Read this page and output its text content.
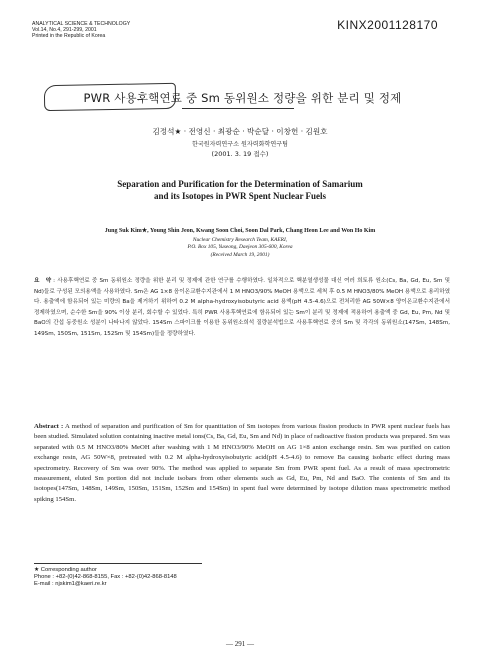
KINX2001128170
ANALYTICAL SCIENCE & TECHNOLOGY
Vol.14, No.4, 291-299, 2001
Printed in the Republic of Korea
PWR 사용후핵연료 중 Sm 동위원소 정량을 위한 분리 및 정제
김정석★ · 전영신 · 최광순 · 박순달 · 이창헌 · 김원호
한국원자력연구소 원자력화학연구팀
(2001. 3. 19 접수)
Separation and Purification for the Determination of Samarium
and its Isotopes in PWR Spent Nuclear Fuels
Jung Suk Kim★, Young Shin Jeon, Kwang Soon Choi, Soon Dal Park, Chang Heon Lee and Won Ho Kim
Nuclear Chemistry Research Team, KAERI,
P.O. Box 105, Yuseong, Daejeon 305-600, Korea
(Received March 19, 2001)
요 약: 사용후핵연료 중 Sm 동위원소 정량을 위한 분리 및 정제에 관한 연구를 수행하였다. 일차적으로 핵분열생성물 대신 여러 희토류 원소(Cs, Ba, Gd, Eu, Sm 및 Nd)들로 구성된 모의용액을 사용하였다. Sm은 AG 1×8 음이온교환수지관에서 1 M HNO3/90% MeOH 용액으로 세척 후 0.5 M HNO3/80% MeOH 용액으로 용리하였다. 용출액에 함유되어 있는 미량의 Ba을 제거하기 위하여 0.2 M alpha-hydroxyisobutyric acid 용액(pH 4.5-4.6)으로 전처리한 AG 50W×8 양이온교환수지관에서 정제하였으며, 순수한 Sm을 90% 이상 분리, 회수할 수 있었다. 특히 PWR 사용후핵연료에 함유되어 있는 Sm이 분리 및 정제에 적용하여 용출액 중 Gd, Eu, Pm, Nd 및 BaO의 간섭 동중원소 성분이 나타나지 않았다. 154Sm 스파이크를 이용한 동위원소희석 질량분석법으로 사용후핵연료 중의 Sm 및 각각의 동위원소(147Sm, 148Sm, 149Sm, 150Sm, 151Sm, 152Sm 및 154Sm)들을 정량하였다.
Abstract : A method of separation and purification of Sm for quantitation of Sm isotopes from various fission products in PWR spent nuclear fuels has been studied. Simulated solution containing inactive metal ions(Cs, Ba, Gd, Eu, Sm and Nd) in place of radioactive fission products was prepared. Sm was separated with 0.5 M HNO3/80% MeOH after washing with 1 M HNO3/90% MeOH on AG 1×8 anion exchange resin. Sm was purified on cation exchange resin, AG 50W×8, pretreated with 0.2 M alpha-hydroxyisobutyric acid(pH 4.5-4.6) to remove Ba causing isobaric effect during mass spectrometry. Recovery of Sm was over 90%. The method was applied to separate Sm from PWR spent fuel. As a result of mass spectrometric measurement, eluted Sm portion did not include isobars from other elements such as Gd, Eu, Pm, Nd and BaO. The contents of Sm and its isotopes(147Sm, 148Sm, 149Sm, 150Sm, 151Sm, 152Sm and 154Sm) in spent fuel were determined by isotope dilution mass spectrometric method spiking 154Sm.
★ Corresponding author
Phone : +82-(0)42-868-8155, Fax : +82-(0)42-868-8148
E-mail : njskim1@kaeri.re.kr
— 291 —
